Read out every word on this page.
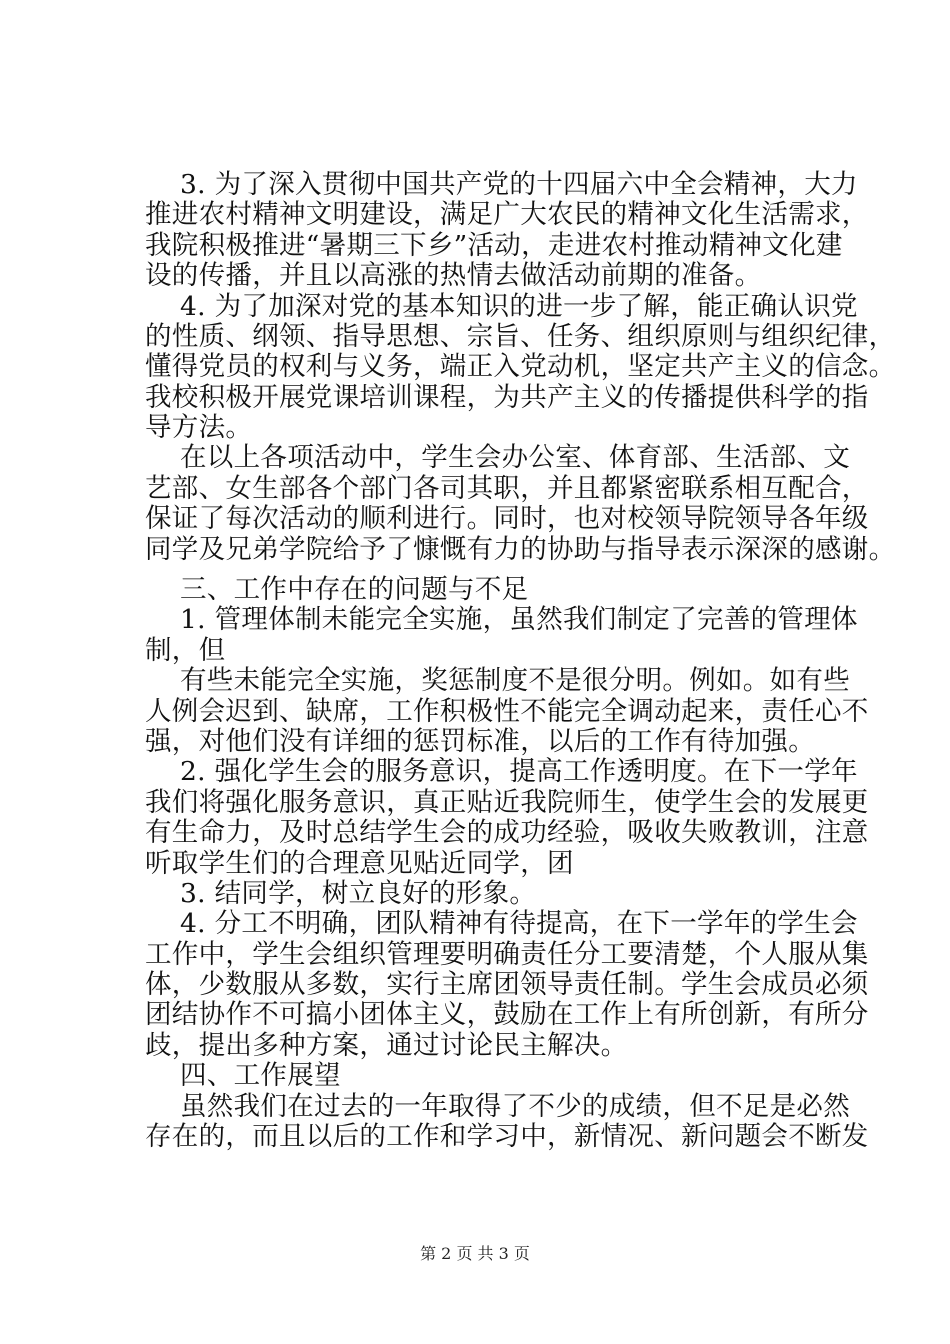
3. 为了深入贯彻中国共产党的十四届六中全会精神，大力
推进农村精神文明建设，满足广大农民的精神文化生活需求，
我院积极推进“暑期三下乡”活动，走进农村推动精神文化建
设的传播，并且以高涨的热情去做活动前期的准备。
4. 为了加深对党的基本知识的进一步了解，能正确认识党
的性质、纲领、指导思想、宗旨、任务、组织原则与组织纪律，
懂得党员的权利与义务，端正入党动机，坚定共产主义的信念。
我校积极开展党课培训课程，为共产主义的传播提供科学的指
导方法。
在以上各项活动中，学生会办公室、体育部、生活部、文
艺部、女生部各个部门各司其职，并且都紧密联系相互配合，
保证了每次活动的顺利进行。同时，也对校领导院领导各年级
同学及兄弟学院给予了慷慨有力的协助与指导表示深深的感谢。
三、工作中存在的问题与不足
1. 管理体制未能完全实施，虽然我们制定了完善的管理体
制，但
有些未能完全实施，奖惩制度不是很分明。例如。如有些
人例会迟到、缺席，工作积极性不能完全调动起来，责任心不
强，对他们没有详细的惩罚标准，以后的工作有待加强。
2. 强化学生会的服务意识，提高工作透明度。在下一学年
我们将强化服务意识，真正贴近我院师生，使学生会的发展更
有生命力，及时总结学生会的成功经验，吸收失败教训，注意
听取学生们的合理意见贴近同学，团
3. 结同学，树立良好的形象。
4. 分工不明确，团队精神有待提高，在下一学年的学生会
工作中，学生会组织管理要明确责任分工要清楚，个人服从集
体，少数服从多数，实行主席团领导责任制。学生会成员必须
团结协作不可搞小团体主义，鼓励在工作上有所创新，有所分
歧，提出多种方案，通过讨论民主解决。
四、工作展望
虽然我们在过去的一年取得了不少的成绩，但不足是必然
存在的，而且以后的工作和学习中，新情况、新问题会不断发
第 2 页 共 3 页
